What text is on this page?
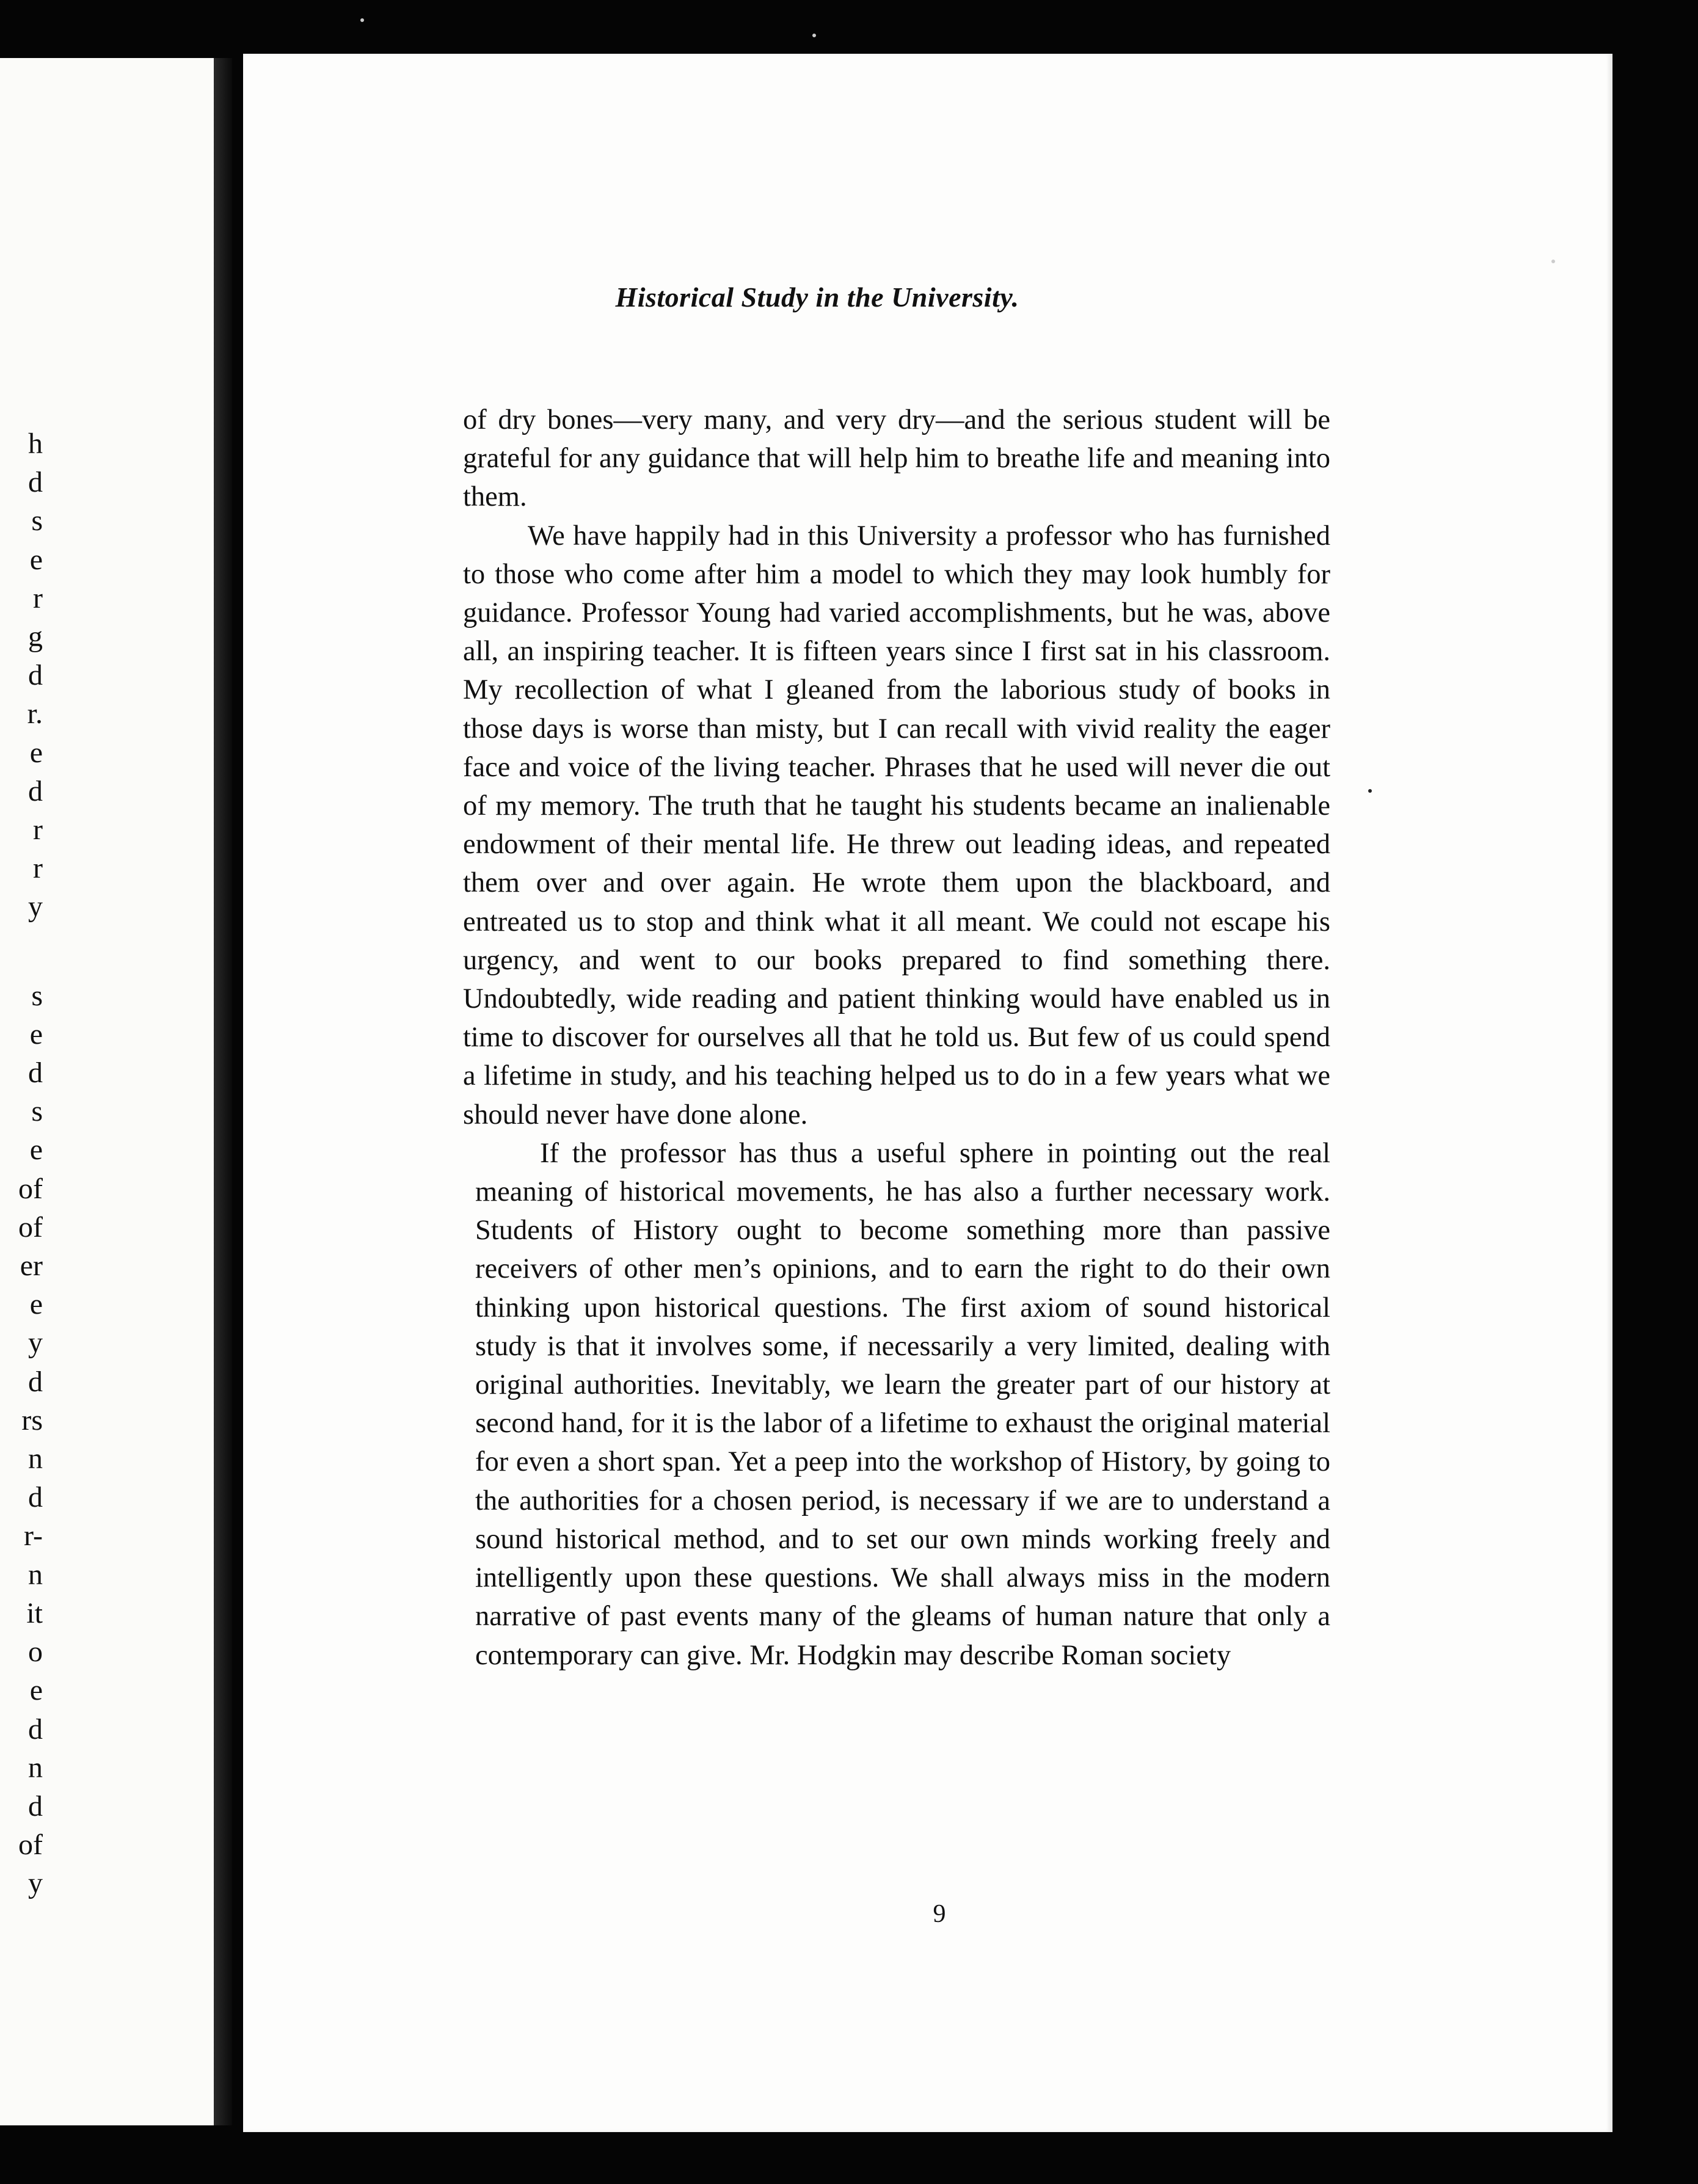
h
d
s
e
r
g
d
r.
e
d
r
r
y
s
e
d
s
e
of
of
er
e
y
d
rs
n
d
r-
n
it
o
e
d
n
d
of
y
Historical Study in the University.

of dry bones—very many, and very dry—and the serious student will be grateful for any guidance that will help him to breathe life and meaning into them.

We have happily had in this University a professor who has furnished to those who come after him a model to which they may look humbly for guidance. Professor Young had varied accomplishments, but he was, above all, an inspiring teacher. It is fifteen years since I first sat in his classroom. My recollection of what I gleaned from the laborious study of books in those days is worse than misty, but I can recall with vivid reality the eager face and voice of the living teacher. Phrases that he used will never die out of my memory. The truth that he taught his students became an inalienable endowment of their mental life. He threw out leading ideas, and repeated them over and over again. He wrote them upon the blackboard, and entreated us to stop and think what it all meant. We could not escape his urgency, and went to our books prepared to find something there. Undoubtedly, wide reading and patient thinking would have enabled us in time to discover for ourselves all that he told us. But few of us could spend a lifetime in study, and his teaching helped us to do in a few years what we should never have done alone.

If the professor has thus a useful sphere in pointing out the real meaning of historical movements, he has also a further necessary work. Students of History ought to become something more than passive receivers of other men’s opinions, and to earn the right to do their own thinking upon historical questions. The first axiom of sound historical study is that it involves some, if necessarily a very limited, dealing with original authorities. Inevitably, we learn the greater part of our history at second hand, for it is the labor of a lifetime to exhaust the original material for even a short span. Yet a peep into the workshop of History, by going to the authorities for a chosen period, is necessary if we are to understand a sound historical method, and to set our own minds working freely and intelligently upon these questions. We shall always miss in the modern narrative of past events many of the gleams of human nature that only a contemporary can give. Mr. Hodgkin may describe Roman society

9
